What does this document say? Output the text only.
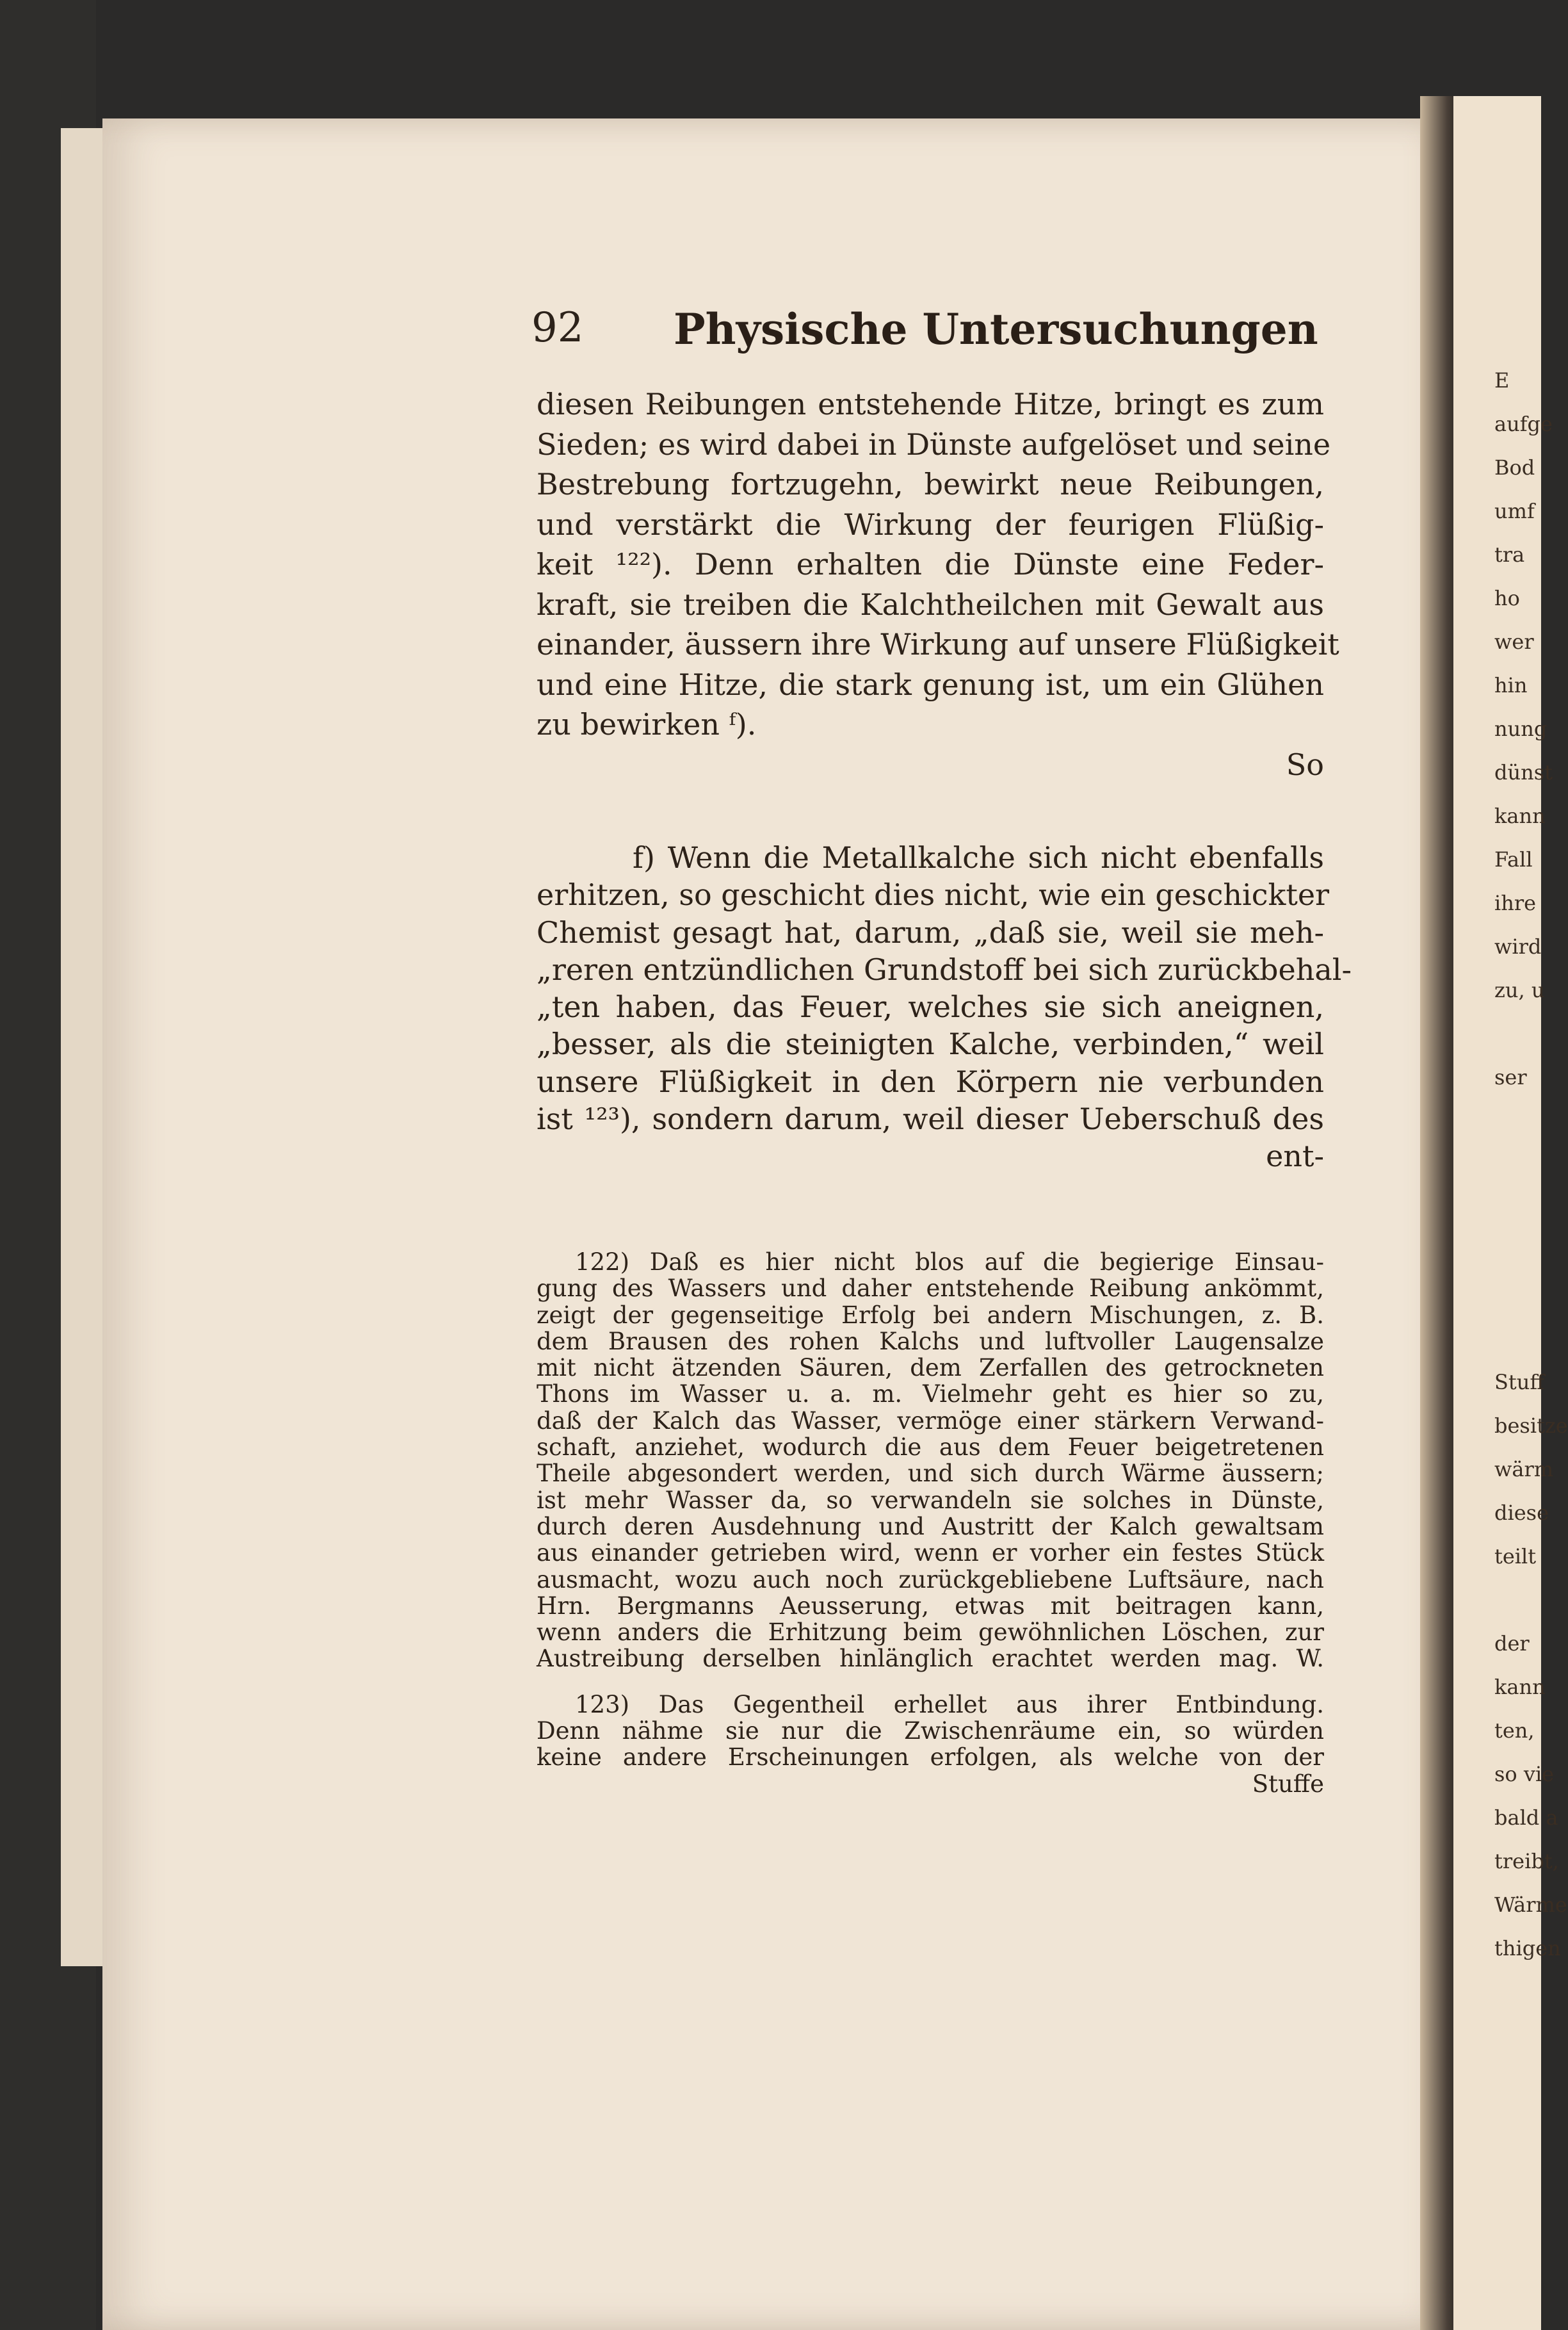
E
aufge
Bod
umf
tra
ho
wer
hin
nung
dünst
kann
Fall
ihre
wird
zu, u

ser

Stuff
besitze
wärm
diese
teilt

der
kann
ten,
so vie
bald a
treibt,
Wärme
thigen
92 Physische Untersuchungen
diesen Reibungen entstehende Hitze, bringt es zum
Sieden; es wird dabei in Dünste aufgelöset und seine
Bestrebung fortzugehn, bewirkt neue Reibungen,
und verstärkt die Wirkung der feurigen Flüßig-
keit ¹²²). Denn erhalten die Dünste eine Feder-
kraft, sie treiben die Kalchtheilchen mit Gewalt aus
einander, äussern ihre Wirkung auf unsere Flüßigkeit
und eine Hitze, die stark genung ist, um ein Glühen
zu bewirken ᶠ).
So
f) Wenn die Metallkalche sich nicht ebenfalls
erhitzen, so geschicht dies nicht, wie ein geschickter
Chemist gesagt hat, darum, „daß sie, weil sie meh-
„reren entzündlichen Grundstoff bei sich zurückbehal-
„ten haben, das Feuer, welches sie sich aneignen,
„besser, als die steinigten Kalche, verbinden,“ weil
unsere Flüßigkeit in den Körpern nie verbunden
ist ¹²³), sondern darum, weil dieser Ueberschuß des
ent-
122) Daß es hier nicht blos auf die begierige Einsau-
gung des Wassers und daher entstehende Reibung ankömmt,
zeigt der gegenseitige Erfolg bei andern Mischungen, z. B.
dem Brausen des rohen Kalchs und luftvoller Laugensalze
mit nicht ätzenden Säuren, dem Zerfallen des getrockneten
Thons im Wasser u. a. m. Vielmehr geht es hier so zu,
daß der Kalch das Wasser, vermöge einer stärkern Verwand-
schaft, anziehet, wodurch die aus dem Feuer beigetretenen
Theile abgesondert werden, und sich durch Wärme äussern;
ist mehr Wasser da, so verwandeln sie solches in Dünste,
durch deren Ausdehnung und Austritt der Kalch gewaltsam
aus einander getrieben wird, wenn er vorher ein festes Stück
ausmacht, wozu auch noch zurückgebliebene Luftsäure, nach
Hrn. Bergmanns Aeusserung, etwas mit beitragen kann,
wenn anders die Erhitzung beim gewöhnlichen Löschen, zur
Austreibung derselben hinlänglich erachtet werden mag. W.
123) Das Gegentheil erhellet aus ihrer Entbindung.
Denn nähme sie nur die Zwischenräume ein, so würden
keine andere Erscheinungen erfolgen, als welche von der
Stuffe
